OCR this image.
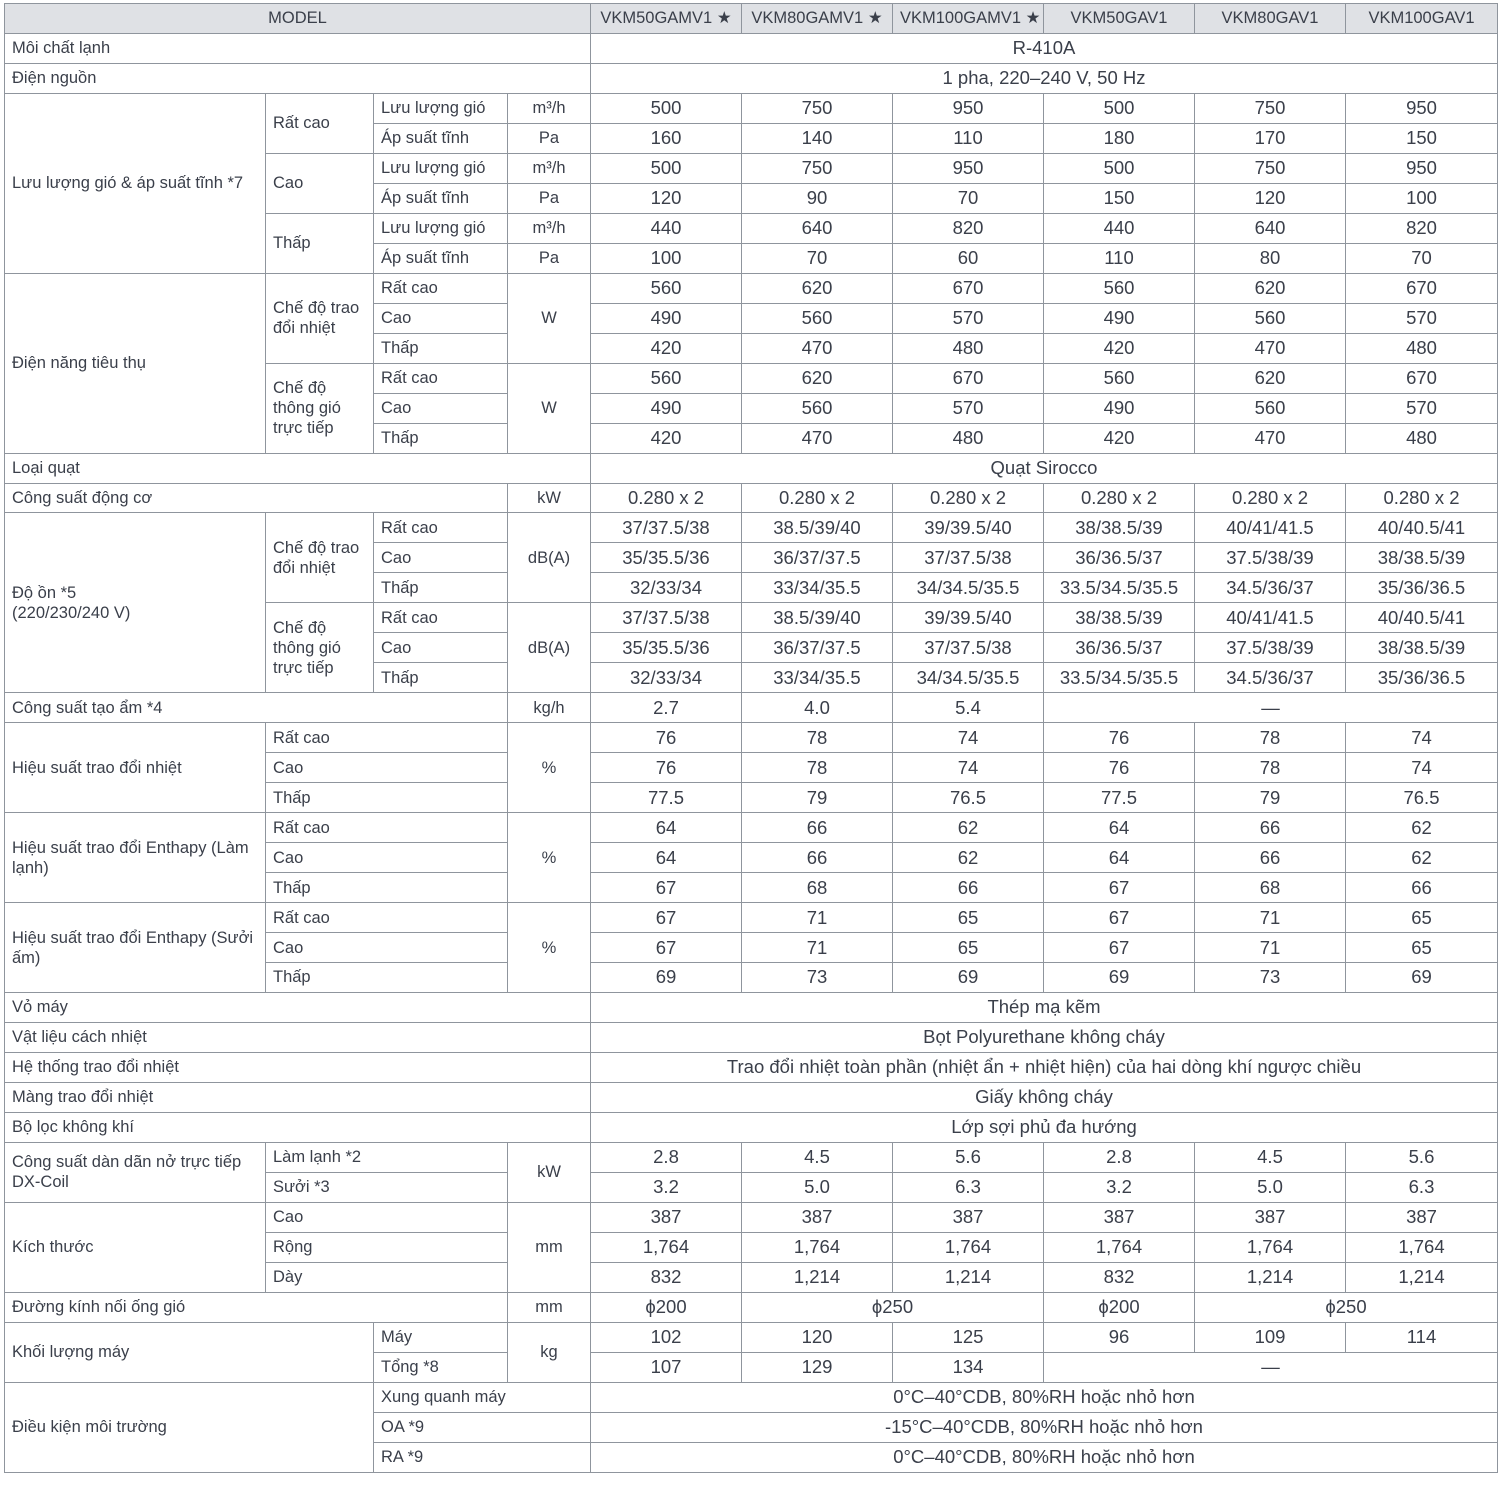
MODEL				VKM50GAMV1 ★	VKM80GAMV1 ★	VKM100GAMV1 ★	VKM50GAV1	VKM80GAV1	VKM100GAV1
Môi chất lạnh				R-410A					
Điện nguồn				1 pha, 220–240 V, 50 Hz					
Lưu lượng gió & áp suất tĩnh *7	Rất cao	Lưu lượng gió	m³/h	500	750	950	500	750	950
		Áp suất tĩnh	Pa	160	140	110	180	170	150
	Cao	Lưu lượng gió	m³/h	500	750	950	500	750	950
		Áp suất tĩnh	Pa	120	90	70	150	120	100
	Thấp	Lưu lượng gió	m³/h	440	640	820	440	640	820
		Áp suất tĩnh	Pa	100	70	60	110	80	70
Điện năng tiêu thụ	Chế độ trao đổi nhiệt	Rất cao	W	560	620	670	560	620	670
		Cao		490	560	570	490	560	570
		Thấp		420	470	480	420	470	480
	Chế độ thông gió trực tiếp	Rất cao	W	560	620	670	560	620	670
		Cao		490	560	570	490	560	570
		Thấp		420	470	480	420	470	480
Loại quạt				Quạt Sirocco					
Công suất động cơ			kW	0.280 x 2	0.280 x 2	0.280 x 2	0.280 x 2	0.280 x 2	0.280 x 2

Độ ồn *5
(220/230/240 V)	Chế độ trao đổi nhiệt	Rất cao	dB(A)	37/37.5/38	38.5/39/40	39/39.5/40	38/38.5/39	40/41/41.5	40/40.5/41
		Cao		35/35.5/36	36/37/37.5	37/37.5/38	36/36.5/37	37.5/38/39	38/38.5/39
		Thấp		32/33/34	33/34/35.5	34/34.5/35.5	33.5/34.5/35.5	34.5/36/37	35/36/36.5
	Chế độ thông gió trực tiếp	Rất cao	dB(A)	37/37.5/38	38.5/39/40	39/39.5/40	38/38.5/39	40/41/41.5	40/40.5/41
		Cao		35/35.5/36	36/37/37.5	37/37.5/38	36/36.5/37	37.5/38/39	38/38.5/39
		Thấp		32/33/34	33/34/35.5	34/34.5/35.5	33.5/34.5/35.5	34.5/36/37	35/36/36.5
Công suất tạo ẩm *4			kg/h	2.7	4.0	5.4	—		
Hiệu suất trao đổi nhiệt	Rất cao		%	76	78	74	76	78	74
	Cao			76	78	74	76	78	74
	Thấp			77.5	79	76.5	77.5	79	76.5
Hiệu suất trao đổi Enthapy (Làm lạnh)	Rất cao		%	64	66	62	64	66	62
	Cao			64	66	62	64	66	62
	Thấp			67	68	66	67	68	66
Hiệu suất trao đổi Enthapy (Sưởi ấm)	Rất cao		%	67	71	65	67	71	65
	Cao			67	71	65	67	71	65
	Thấp			69	73	69	69	73	69
Vỏ máy				Thép mạ kẽm					
Vật liệu cách nhiệt				Bọt Polyurethane không cháy					
Hệ thống trao đổi nhiệt				Trao đổi nhiệt toàn phần (nhiệt ẩn + nhiệt hiện) của hai dòng khí ngược chiều					
Màng trao đổi nhiệt				Giấy không cháy					
Bộ lọc không khí				Lớp sợi phủ đa hướng					
Công suất dàn dãn nở trực tiếp DX-Coil	Làm lạnh *2		kW	2.8	4.5	5.6	2.8	4.5	5.6
	Sưởi *3			3.2	5.0	6.3	3.2	5.0	6.3
Kích thước	Cao		mm	387	387	387	387	387	387
	Rộng			1,764	1,764	1,764	1,764	1,764	1,764
	Dày			832	1,214	1,214	832	1,214	1,214
Đường kính nối ống gió			mm	ϕ200	ϕ250		ϕ200	ϕ250	
Khối lượng máy		Máy	kg	102	120	125	96	109	114
		Tổng *8		107	129	134	—		
Điều kiện môi trường		Xung quanh máy		0°C–40°CDB, 80%RH hoặc nhỏ hơn					
		OA *9		-15°C–40°CDB, 80%RH hoặc nhỏ hơn					
		RA *9		0°C–40°CDB, 80%RH hoặc nhỏ hơn					
